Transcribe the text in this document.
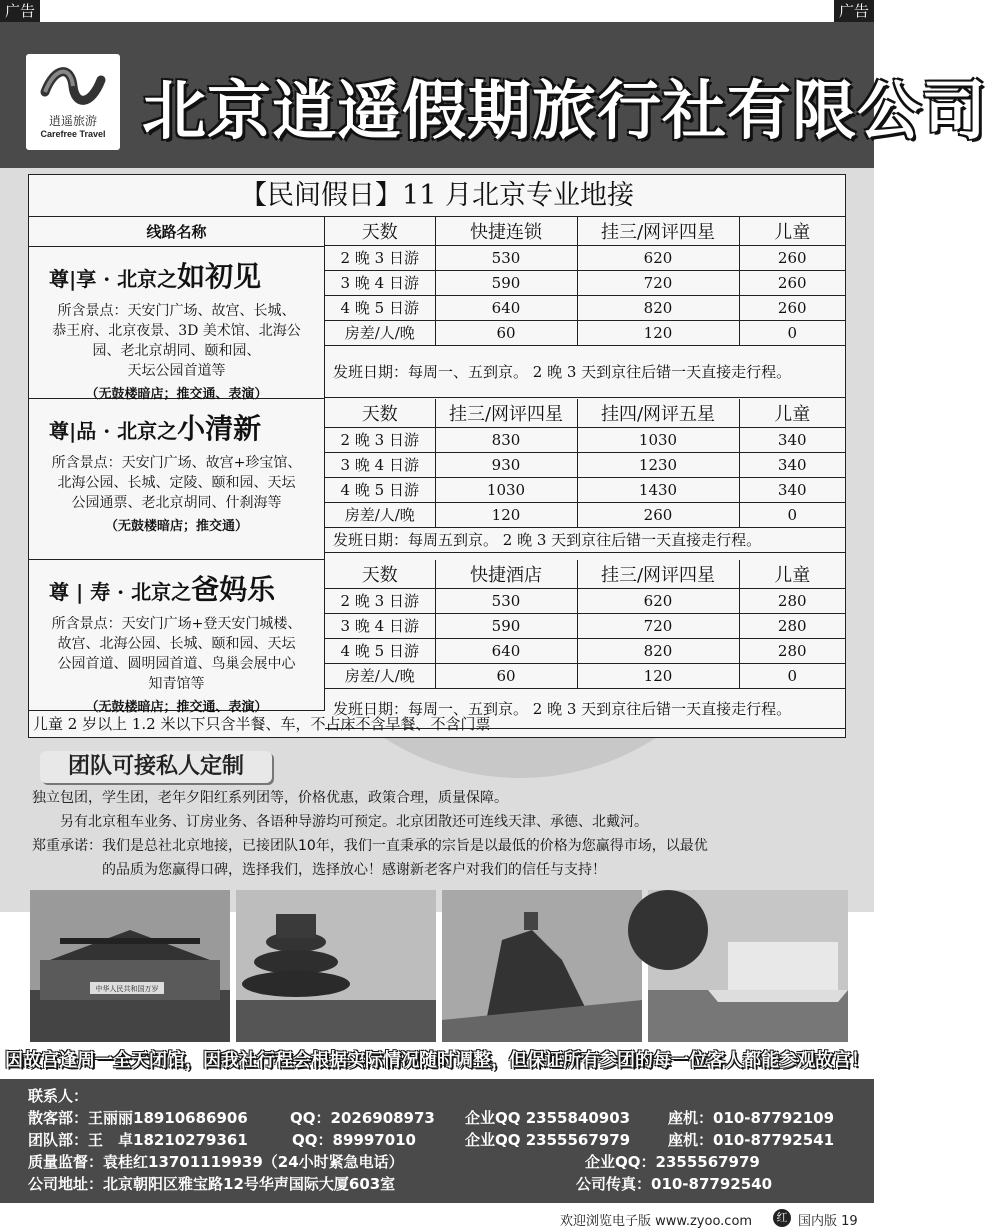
广告	广告
逍遥旅游
Carefree Travel 北京逍遥假期旅行社有限公司
【民间假日】11 月北京专业地接
线路名称
尊|享 · 北京之如初见
所含景点：天安门广场、故宫、长城、
恭王府、北京夜景、3D 美术馆、北海公
园、老北京胡同、颐和园、
天坛公园首道等
（无鼓楼暗店；推交通、表演）
天数	快捷连锁	挂三/网评四星	儿童
2 晚 3 日游	530	620	260
3 晚 4 日游	590	720	260
4 晚 5 日游	640	820	260
房差/人/晚	60	120	0
发班日期：每周一、五到京。 2 晚 3 天到京往后错一天直接走行程。			
尊|品 · 北京之小清新
所含景点：天安门广场、故宫+珍宝馆、
北海公园、长城、定陵、颐和园、天坛
公园通票、老北京胡同、什刹海等
（无鼓楼暗店；推交通）
天数	挂三/网评四星	挂四/网评五星	儿童
2 晚 3 日游	830	1030	340
3 晚 4 日游	930	1230	340
4 晚 5 日游	1030	1430	340
房差/人/晚	120	260	0
发班日期：每周五到京。 2 晚 3 天到京往后错一天直接走行程。			
尊 | 寿 · 北京之爸妈乐
所含景点：天安门广场+登天安门城楼、
故宫、北海公园、长城、颐和园、天坛
公园首道、圆明园首道、鸟巢会展中心
知青馆等
（无鼓楼暗店；推交通、表演）
天数	快捷酒店	挂三/网评四星	儿童
2 晚 3 日游	530	620	280
3 晚 4 日游	590	720	280
4 晚 5 日游	640	820	280
房差/人/晚	60	120	0
发班日期：每周一、五到京。 2 晚 3 天到京往后错一天直接走行程。			
儿童 2 岁以上 1.2 米以下只含半餐、车，不占床不含早餐、不含门票
团队可接私人定制

独立包团，学生团，老年夕阳红系列团等，价格优惠，政策合理，质量保障。

　　另有北京租车业务、订房业务、各语种导游均可预定。北京团散还可连线天津、承德、北戴河。

郑重承诺：我们是总社北京地接，已接团队10年，我们一直秉承的宗旨是以最低的价格为您赢得市场，以最优

　　　　　的品质为您赢得口碑，选择我们，选择放心！感谢新老客户对我们的信任与支持！

中华人民共和国万岁
因故宫逢周一全天闭馆，因我社行程会根据实际情况随时调整，但保证所有参团的每一位客人都能参观故宫！
联系人：
散客部：王丽丽18910686906	QQ：2026908973 企业QQ 2355840903	座机：010-87792109
团队部：王　卓18210279361	QQ：89997010	企业QQ 2355567979	座机：010-87792541
质量监督：袁桂红13701119939（24小时紧急电话）	企业QQ：2355567979
公司地址：北京朝阳区雅宝路12号华声国际大厦603室	公司传真：010-87792540
欢迎浏览电子版 www.zyoo.com	红 国内版 19
